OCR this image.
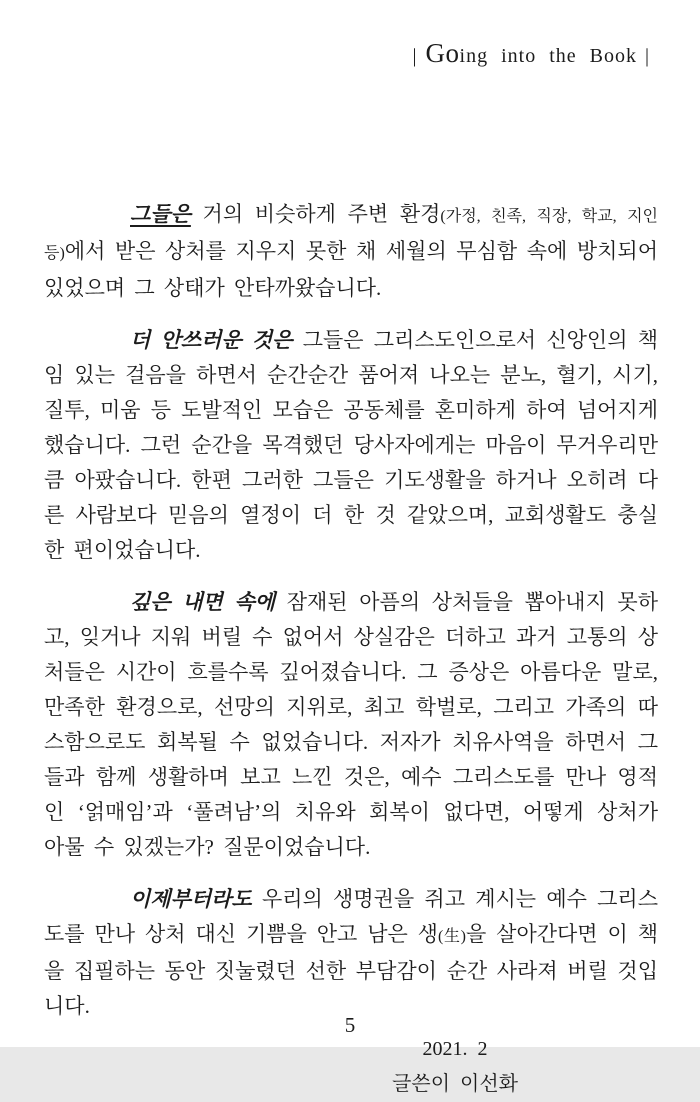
| Going into the Book |

그들은 거의 비슷하게 주변 환경(가정, 친족, 직장, 학교, 지인 등)에서 받은 상처를 지우지 못한 채 세월의 무심함 속에 방치되어 있었으며 그 상태가 안타까왔습니다.

더 안쓰러운 것은 그들은 그리스도인으로서 신앙인의 책임 있는 걸음을 하면서 순간순간 품어져 나오는 분노, 혈기, 시기, 질투, 미움 등 도발적인 모습은 공동체를 혼미하게 하여 넘어지게 했습니다. 그런 순간을 목격했던 당사자에게는 마음이 무거우리만큼 아팠습니다. 한편 그러한 그들은 기도생활을 하거나 오히려 다른 사람보다 믿음의 열정이 더 한 것 같았으며, 교회생활도 충실한 편이었습니다.

깊은 내면 속에 잠재된 아픔의 상처들을 뽑아내지 못하고, 잊거나 지워 버릴 수 없어서 상실감은 더하고 과거 고통의 상처들은 시간이 흐를수록 깊어졌습니다. 그 증상은 아름다운 말로, 만족한 환경으로, 선망의 지위로, 최고 학벌로, 그리고 가족의 따스함으로도 회복될 수 없었습니다. 저자가 치유사역을 하면서 그들과 함께 생활하며 보고 느낀 것은, 예수 그리스도를 만나 영적인 ‘얽매임’과 ‘풀려남’의 치유와 회복이 없다면, 어떻게 상처가 아물 수 있겠는가? 질문이었습니다.

이제부터라도 우리의 생명권을 쥐고 계시는 예수 그리스도를 만나 상처 대신 기쁨을 안고 남은 생(生)을 살아간다면 이 책을 집필하는 동안 짓눌렸던 선한 부담감이 순간 사라져 버릴 것입니다.

2021. 2
글쓴이 이선화
5
